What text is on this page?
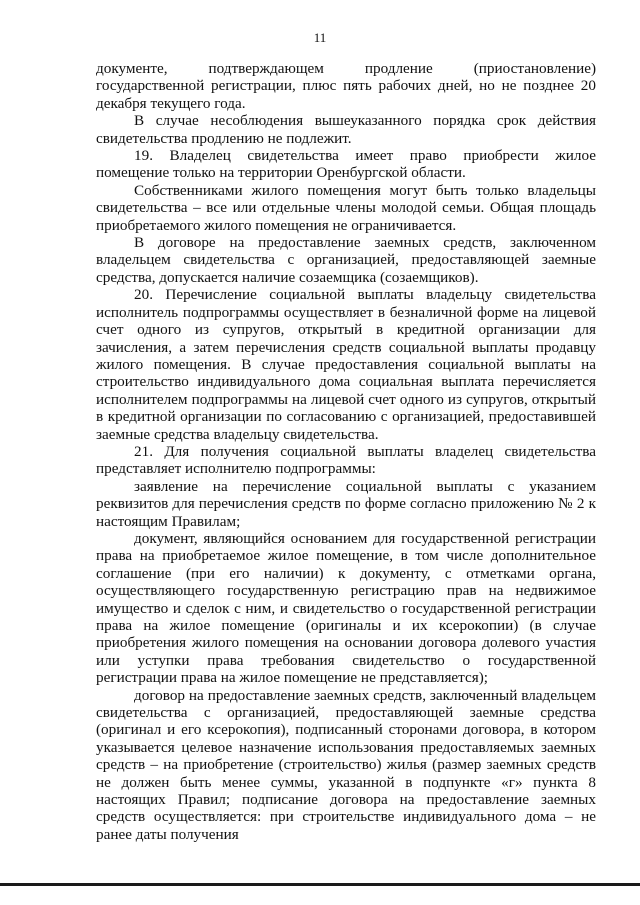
11

документе, подтверждающем продление (приостановление) государственной регистрации, плюс пять рабочих дней, но не позднее 20 декабря текущего года.

В случае несоблюдения вышеуказанного порядка срок действия свидетельства продлению не подлежит.

19. Владелец свидетельства имеет право приобрести жилое помещение только на территории Оренбургской области.

Собственниками жилого помещения могут быть только владельцы свидетельства – все или отдельные члены молодой семьи. Общая площадь приобретаемого жилого помещения не ограничивается.

В договоре на предоставление заемных средств, заключенном владельцем свидетельства с организацией, предоставляющей заемные средства, допускается наличие созаемщика (созаемщиков).

20. Перечисление социальной выплаты владельцу свидетельства исполнитель подпрограммы осуществляет в безналичной форме на лицевой счет одного из супругов, открытый в кредитной организации для зачисления, а затем перечисления средств социальной выплаты продавцу жилого помещения. В случае предоставления социальной выплаты на строительство индивидуального дома социальная выплата перечисляется исполнителем подпрограммы на лицевой счет одного из супругов, открытый в кредитной организации по согласованию с организацией, предоставившей заемные средства владельцу свидетельства.

21. Для получения социальной выплаты владелец свидетельства представляет исполнителю подпрограммы:

заявление на перечисление социальной выплаты с указанием реквизитов для перечисления средств по форме согласно приложению № 2 к настоящим Правилам;

документ, являющийся основанием для государственной регистрации права на приобретаемое жилое помещение, в том числе дополнительное соглашение (при его наличии) к документу, с отметками органа, осуществляющего государственную регистрацию прав на недвижимое имущество и сделок с ним, и свидетельство о государственной регистрации права на жилое помещение (оригиналы и их ксерокопии) (в случае приобретения жилого помещения на основании договора долевого участия или уступки права требования свидетельство о государственной регистрации права на жилое помещение не представляется);

договор на предоставление заемных средств, заключенный владельцем свидетельства с организацией, предоставляющей заемные средства (оригинал и его ксерокопия), подписанный сторонами договора, в котором указывается целевое назначение использования предоставляемых заемных средств – на приобретение (строительство) жилья (размер заемных средств не должен быть менее суммы, указанной в подпункте «г» пункта 8 настоящих Правил; подписание договора на предоставление заемных средств осуществляется: при строительстве индивидуального дома – не ранее даты получения
